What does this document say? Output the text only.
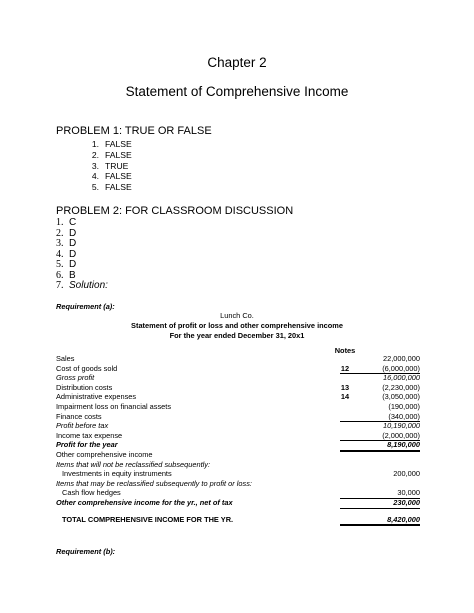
Chapter 2
Statement of Comprehensive Income
PROBLEM 1: TRUE OR FALSE
1. FALSE
2. FALSE
3. TRUE
4. FALSE
5. FALSE
PROBLEM 2: FOR CLASSROOM DISCUSSION
1. C
2. D
3. D
4. D
5. D
6. B
7. Solution:
Requirement (a):
Lunch Co.
Statement of profit or loss and other comprehensive income
For the year ended December 31, 20x1
Notes
Sales	22,000,000
Cost of goods sold	12	(6,000,000)
Gross profit	16,000,000
Distribution costs	13	(2,230,000)
Administrative expenses	14	(3,050,000)
Impairment loss on financial assets	(190,000)
Finance costs	(340,000)
Profit before tax	10,190,000
Income tax expense	(2,000,000)
Profit for the year	8,190,000
Other comprehensive income
Items that will not be reclassified subsequently:
Investments in equity instruments	200,000
Items that may be reclassified subsequently to profit or loss:
Cash flow hedges	30,000
Other comprehensive income for the yr., net of tax	230,000
TOTAL COMPREHENSIVE INCOME FOR THE YR.	8,420,000
Requirement (b):
